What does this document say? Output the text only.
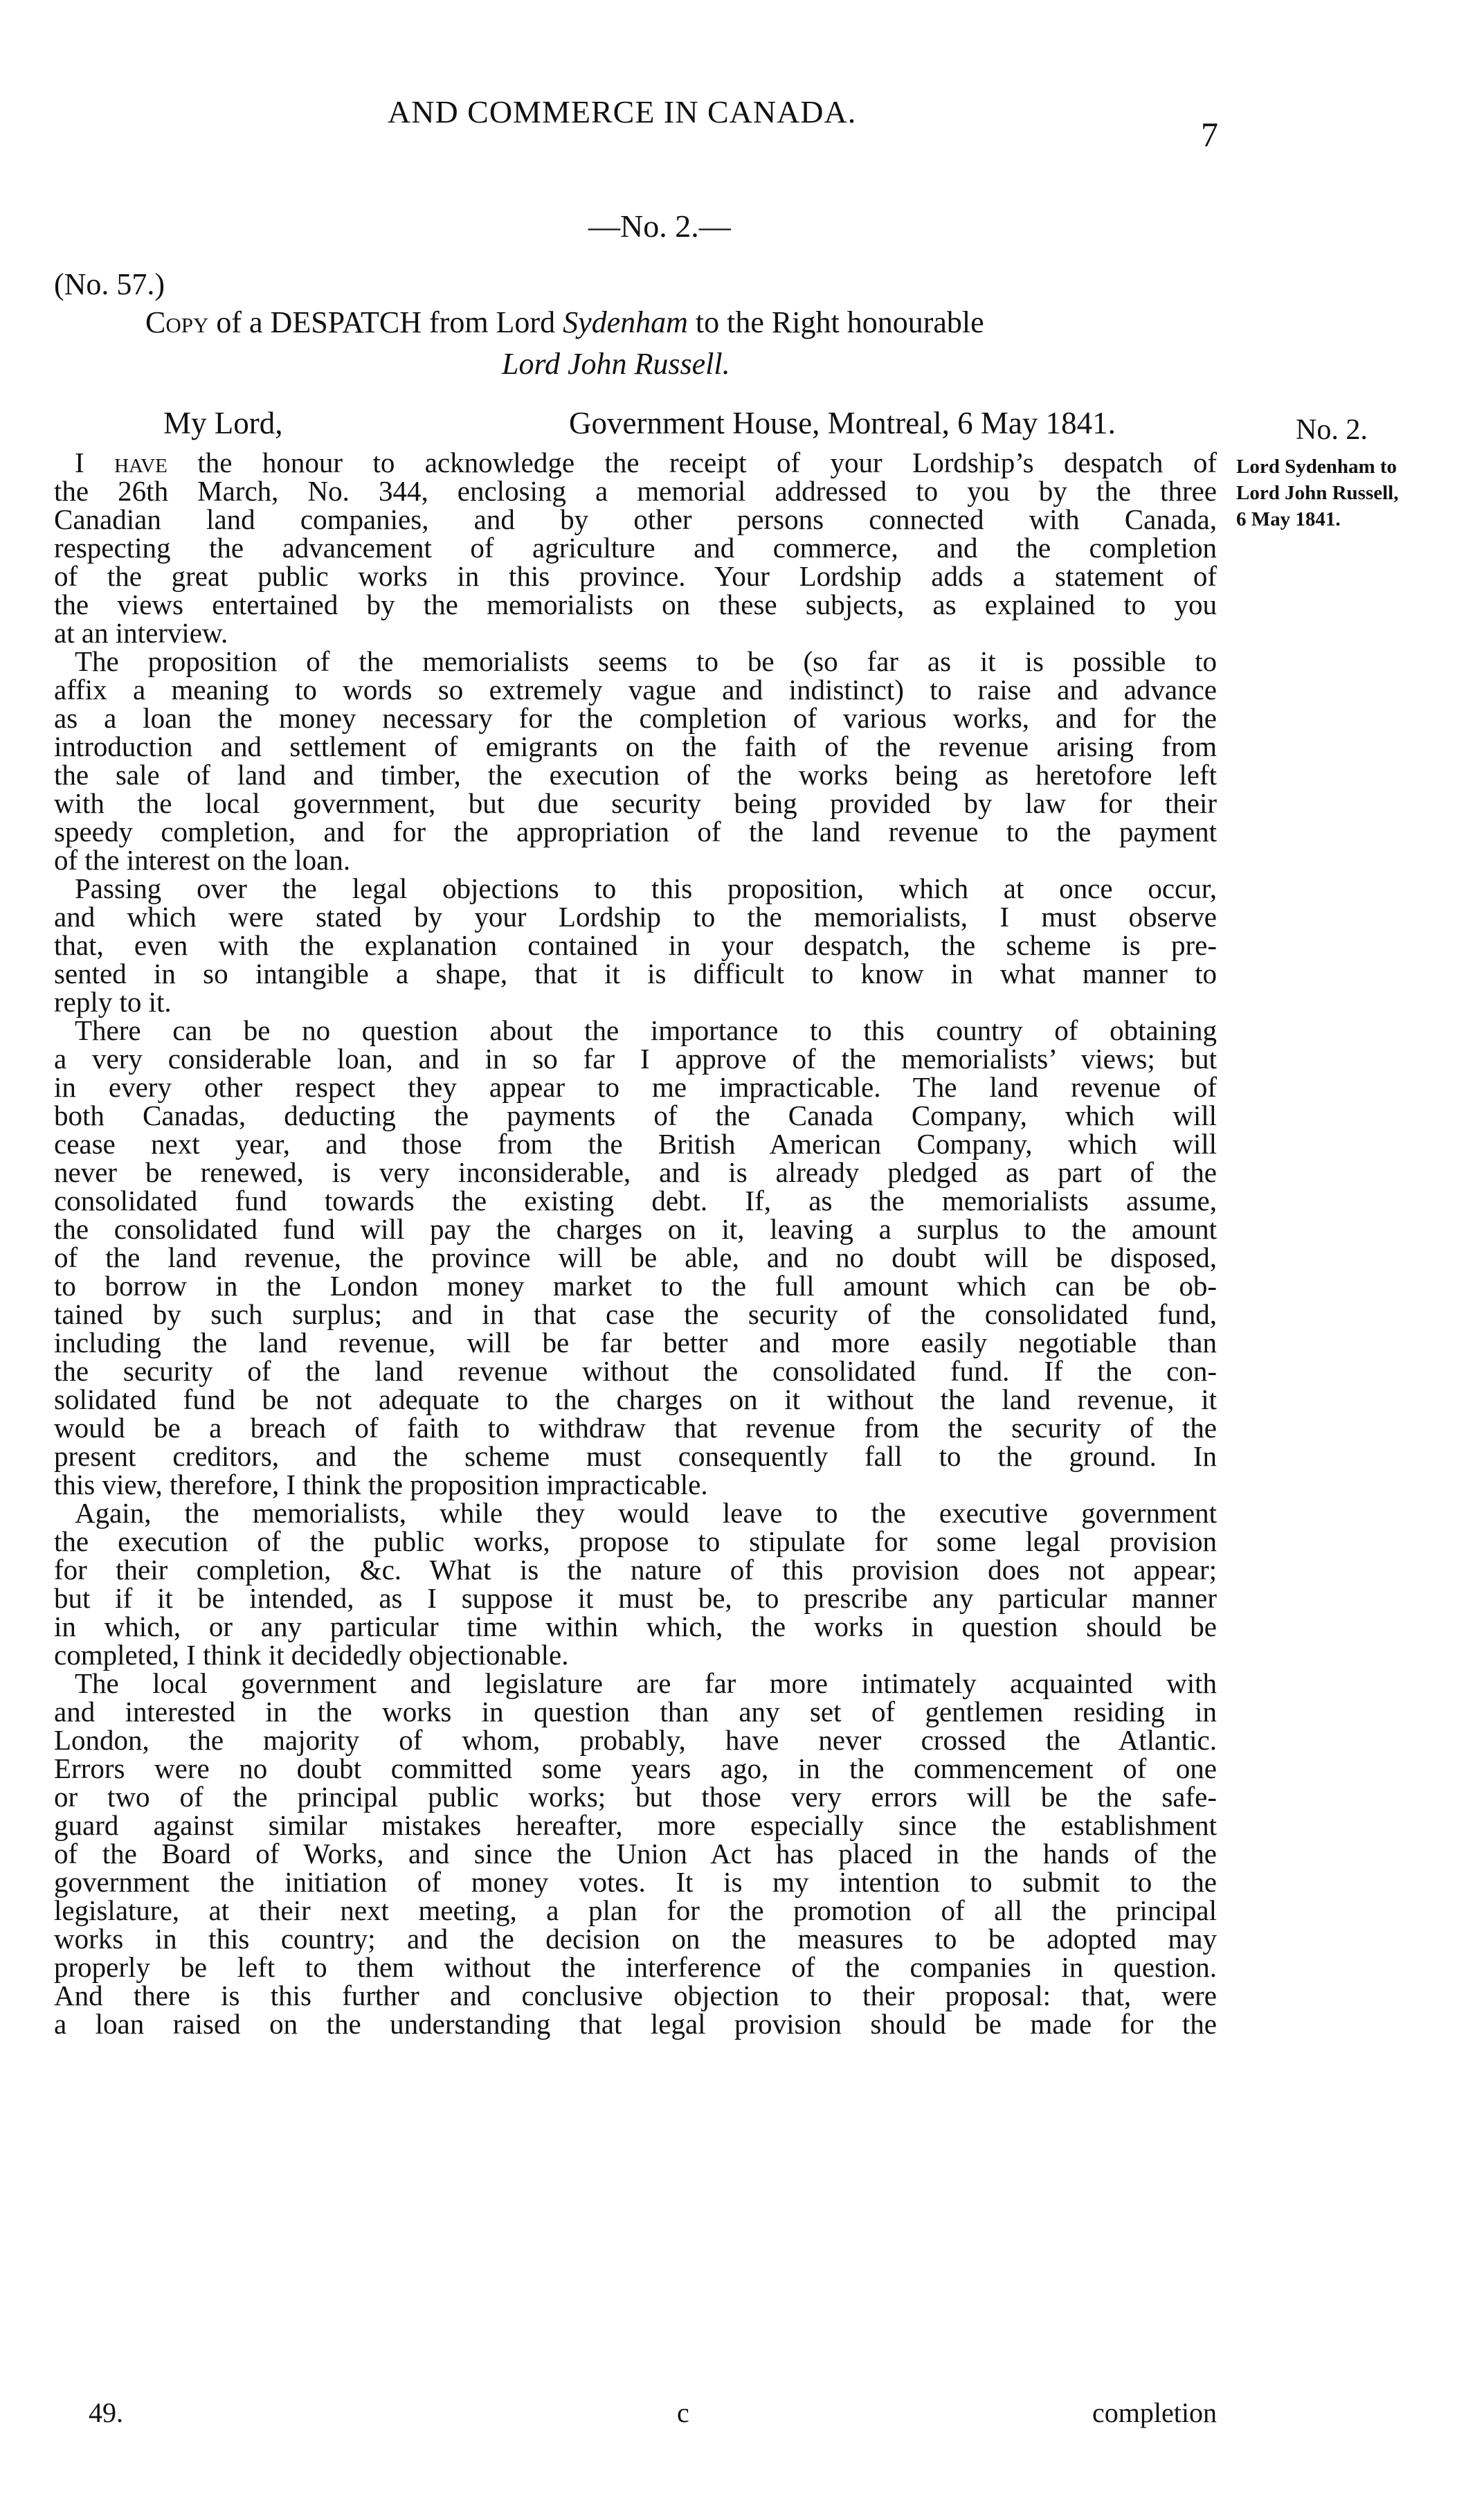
AND COMMERCE IN CANADA.
7
—No. 2.—
(No. 57.)
Copy of a DESPATCH from Lord Sydenham to the Right honourable
Lord John Russell.
My Lord,	Government House, Montreal, 6 May 1841.	No. 2.
Lord Sydenham to
Lord John Russell,
6 May 1841.
I have the honour to acknowledge the receipt of your Lordship’s despatch of
the 26th March, No. 344, enclosing a memorial addressed to you by the three
Canadian land companies, and by other persons connected with Canada,
respecting the advancement of agriculture and commerce, and the completion
of the great public works in this province. Your Lordship adds a statement of
the views entertained by the memorialists on these subjects, as explained to you
at an interview.
The proposition of the memorialists seems to be (so far as it is possible to
affix a meaning to words so extremely vague and indistinct) to raise and advance
as a loan the money necessary for the completion of various works, and for the
introduction and settlement of emigrants on the faith of the revenue arising from
the sale of land and timber, the execution of the works being as heretofore left
with the local government, but due security being provided by law for their
speedy completion, and for the appropriation of the land revenue to the payment
of the interest on the loan.
Passing over the legal objections to this proposition, which at once occur,
and which were stated by your Lordship to the memorialists, I must observe
that, even with the explanation contained in your despatch, the scheme is pre-
sented in so intangible a shape, that it is difficult to know in what manner to
reply to it.
There can be no question about the importance to this country of obtaining
a very considerable loan, and in so far I approve of the memorialists’ views; but
in every other respect they appear to me impracticable. The land revenue of
both Canadas, deducting the payments of the Canada Company, which will
cease next year, and those from the British American Company, which will
never be renewed, is very inconsiderable, and is already pledged as part of the
consolidated fund towards the existing debt. If, as the memorialists assume,
the consolidated fund will pay the charges on it, leaving a surplus to the amount
of the land revenue, the province will be able, and no doubt will be disposed,
to borrow in the London money market to the full amount which can be ob-
tained by such surplus; and in that case the security of the consolidated fund,
including the land revenue, will be far better and more easily negotiable than
the security of the land revenue without the consolidated fund. If the con-
solidated fund be not adequate to the charges on it without the land revenue, it
would be a breach of faith to withdraw that revenue from the security of the
present creditors, and the scheme must consequently fall to the ground. In
this view, therefore, I think the proposition impracticable.
Again, the memorialists, while they would leave to the executive government
the execution of the public works, propose to stipulate for some legal provision
for their completion, &c. What is the nature of this provision does not appear;
but if it be intended, as I suppose it must be, to prescribe any particular manner
in which, or any particular time within which, the works in question should be
completed, I think it decidedly objectionable.
The local government and legislature are far more intimately acquainted with
and interested in the works in question than any set of gentlemen residing in
London, the majority of whom, probably, have never crossed the Atlantic.
Errors were no doubt committed some years ago, in the commencement of one
or two of the principal public works; but those very errors will be the safe-
guard against similar mistakes hereafter, more especially since the establishment
of the Board of Works, and since the Union Act has placed in the hands of the
government the initiation of money votes. It is my intention to submit to the
legislature, at their next meeting, a plan for the promotion of all the principal
works in this country; and the decision on the measures to be adopted may
properly be left to them without the interference of the companies in question.
And there is this further and conclusive objection to their proposal: that, were
a loan raised on the understanding that legal provision should be made for the
49.	c	completion
